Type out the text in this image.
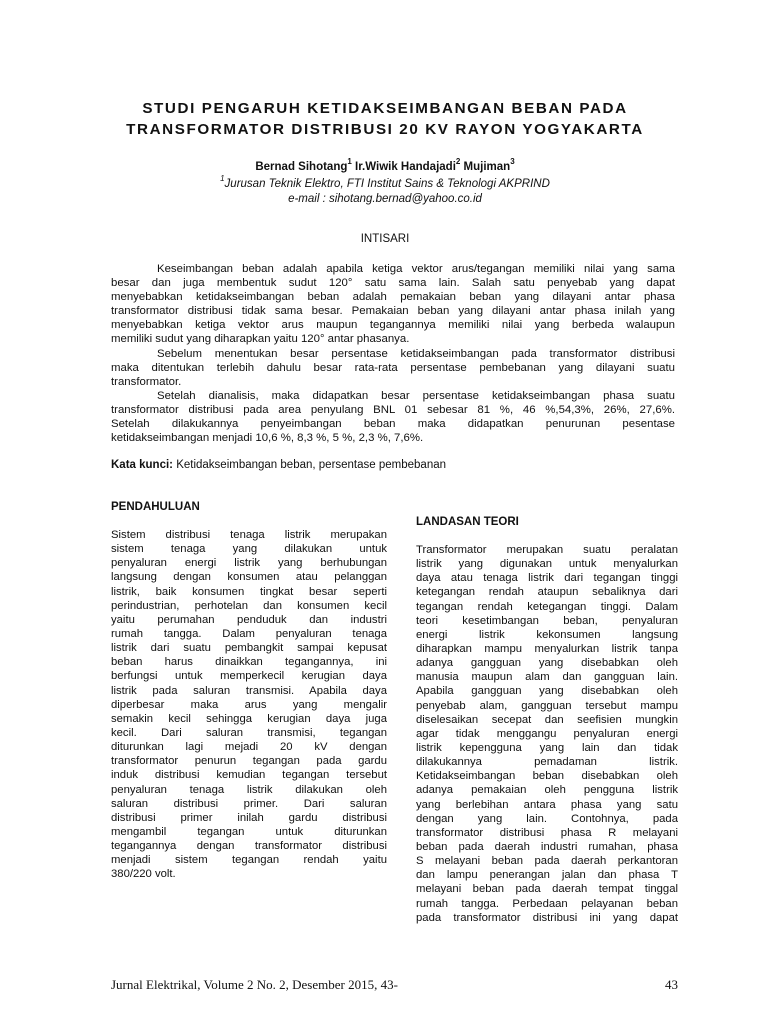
STUDI PENGARUH KETIDAKSEIMBANGAN BEBAN PADA
TRANSFORMATOR DISTRIBUSI 20 KV RAYON YOGYAKARTA
Bernad Sihotang$^1$ Ir.Wiwik Handajadi$^2$ Mujiman$^3$
$^1$Jurusan Teknik Elektro, FTI Institut Sains & Teknologi AKPRIND
e-mail : sihotang.bernad@yahoo.co.id
INTISARI
Keseimbangan beban adalah apabila ketiga vektor arus/tegangan memiliki nilai yang sama
besar dan juga membentuk sudut 120° satu sama lain. Salah satu penyebab yang dapat
menyebabkan ketidakseimbangan beban adalah pemakaian beban yang dilayani antar phasa
transformator distribusi tidak sama besar. Pemakaian beban yang dilayani antar phasa inilah yang
menyebabkan ketiga vektor arus maupun tegangannya memiliki nilai yang berbeda walaupun
memiliki sudut yang diharapkan yaitu 120° antar phasanya.
Sebelum menentukan besar persentase ketidakseimbangan pada transformator distribusi
maka ditentukan terlebih dahulu besar rata-rata persentase pembebanan yang dilayani suatu
transformator.
Setelah dianalisis, maka didapatkan besar persentase ketidakseimbangan phasa suatu
transformator distribusi pada area penyulang BNL 01 sebesar 81 %, 46 %,54,3%, 26%, 27,6%.
Setelah dilakukannya penyeimbangan beban maka didapatkan penurunan pesentase
ketidakseimbangan menjadi 10,6 %, 8,3 %, 5 %, 2,3 %, 7,6%.
Kata kunci: Ketidakseimbangan beban, persentase pembebanan
PENDAHULUAN
Sistem distribusi tenaga listrik merupakan
sistem tenaga yang dilakukan untuk
penyaluran energi listrik yang berhubungan
langsung dengan konsumen atau pelanggan
listrik, baik konsumen tingkat besar seperti
perindustrian, perhotelan dan konsumen kecil
yaitu perumahan penduduk dan industri
rumah tangga. Dalam penyaluran tenaga
listrik dari suatu pembangkit sampai kepusat
beban harus dinaikkan tegangannya, ini
berfungsi untuk memperkecil kerugian daya
listrik pada saluran transmisi. Apabila daya
diperbesar maka arus yang mengalir
semakin kecil sehingga kerugian daya juga
kecil. Dari saluran transmisi, tegangan
diturunkan lagi mejadi 20 kV dengan
transformator penurun tegangan pada gardu
induk distribusi kemudian tegangan tersebut
penyaluran tenaga listrik dilakukan oleh
saluran distribusi primer. Dari saluran
distribusi primer inilah gardu distribusi
mengambil tegangan untuk diturunkan
tegangannya dengan transformator distribusi
menjadi sistem tegangan rendah yaitu
380/220 volt.
LANDASAN TEORI
Transformator merupakan suatu peralatan
listrik yang digunakan untuk menyalurkan
daya atau tenaga listrik dari tegangan tinggi
ketegangan rendah ataupun sebaliknya dari
tegangan rendah ketegangan tinggi. Dalam
teori kesetimbangan beban, penyaluran
energi listrik kekonsumen langsung
diharapkan mampu menyalurkan listrik tanpa
adanya gangguan yang disebabkan oleh
manusia maupun alam dan gangguan lain.
Apabila gangguan yang disebabkan oleh
penyebab alam, gangguan tersebut mampu
diselesaikan secepat dan seefisien mungkin
agar tidak menggangu penyaluran energi
listrik kepengguna yang lain dan tidak
dilakukannya pemadaman listrik.
Ketidakseimbangan beban disebabkan oleh
adanya pemakaian oleh pengguna listrik
yang berlebihan antara phasa yang satu
dengan yang lain. Contohnya, pada
transformator distribusi phasa R melayani
beban pada daerah industri rumahan, phasa
S melayani beban pada daerah perkantoran
dan lampu penerangan jalan dan phasa T
melayani beban pada daerah tempat tinggal
rumah tangga. Perbedaan pelayanan beban
pada transformator distribusi ini yang dapat
Jurnal Elektrikal, Volume 2 No. 2, Desember 2015, 43-	43
